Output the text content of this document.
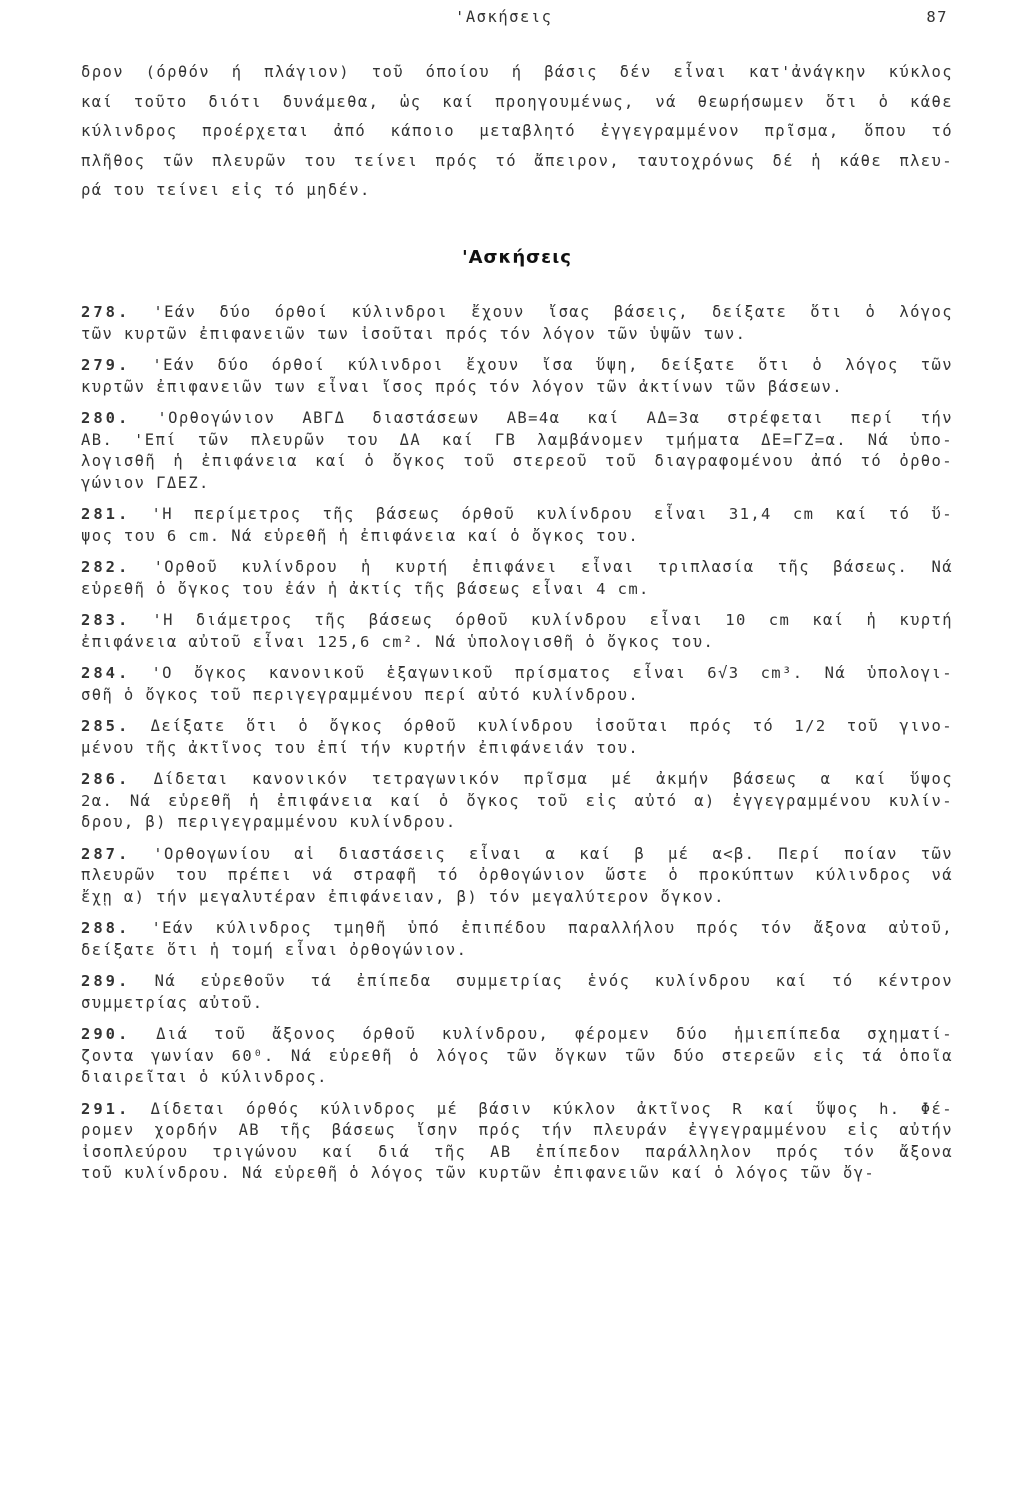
'Ασκήσεις	87
δρον (όρθόν ή πλάγιον) τοῦ όποίου ή βάσις δέν εἶναι κατ'ἀνάγκην κύκλος
καί τοῦτο διότι δυνάμεθα, ὡς καί προηγουμένως, νά θεωρήσωμεν ὅτι ὁ κάθε
κύλινδρος προέρχεται ἀπό κάποιο μεταβλητό ἐγγεγραμμένον πρῖσμα, ὅπου τό
πλῆθος τῶν πλευρῶν του τείνει πρός τό ἄπειρον, ταυτοχρόνως δέ ἡ κάθε πλευ-
ρά του τείνει εἰς τό μηδέν.
'Ασκήσεις
278. 'Εάν δύο όρθοί κύλινδροι ἔχουν ἴσας βάσεις, δείξατε ὅτι ὁ λόγος
τῶν κυρτῶν ἐπιφανειῶν των ἰσοῦται πρός τόν λόγον τῶν ὑψῶν των.
279. 'Εάν δύο όρθοί κύλινδροι ἔχουν ἴσα ὕψη, δείξατε ὅτι ὁ λόγος τῶν
κυρτῶν ἐπιφανειῶν των εἶναι ἴσος πρός τόν λόγον τῶν ἀκτίνων τῶν βάσεων.
280. 'Ορθογώνιον ΑΒΓΔ διαστάσεων ΑΒ=4α καί ΑΔ=3α στρέφεται περί τήν
ΑΒ. 'Επί τῶν πλευρῶν του ΔΑ καί ΓΒ λαμβάνομεν τμήματα ΔΕ=ΓΖ=α. Νά ὑπο-
λογισθῆ ἡ ἐπιφάνεια καί ὁ ὄγκος τοῦ στερεοῦ τοῦ διαγραφομένου ἀπό τό ὀρθο-
γώνιον ΓΔΕΖ.
281. 'Η περίμετρος τῆς βάσεως όρθοῦ κυλίνδρου εἶναι 31,4 cm καί τό ὕ-
ψος του 6 cm. Νά εὑρεθῆ ἡ ἐπιφάνεια καί ὁ ὄγκος του.
282. 'Ορθοῦ κυλίνδρου ἡ κυρτή ἐπιφάνει εἶναι τριπλασία τῆς βάσεως. Νά
εὑρεθῆ ὁ ὄγκος του ἐάν ἡ ἀκτίς τῆς βάσεως εἶναι 4 cm.
283. 'Η διάμετρος τῆς βάσεως όρθοῦ κυλίνδρου εἶναι 10 cm καί ἡ κυρτή
ἐπιφάνεια αὐτοῦ εἶναι 125,6 cm². Νά ὑπολογισθῆ ὁ ὄγκος του.
284. 'Ο ὄγκος κανονικοῦ ἑξαγωνικοῦ πρίσματος εἶναι 6√3 cm³. Νά ὑπολογι-
σθῆ ὁ ὄγκος τοῦ περιγεγραμμένου περί αὐτό κυλίνδρου.
285. Δείξατε ὅτι ὁ ὄγκος όρθοῦ κυλίνδρου ἰσοῦται πρός τό 1/2 τοῦ γινο-
μένου τῆς ἀκτῖνος του ἐπί τήν κυρτήν ἐπιφάνειάν του.
286. Δίδεται κανονικόν τετραγωνικόν πρῖσμα μέ ἀκμήν βάσεως α καί ὕψος
2α. Νά εὑρεθῆ ἡ ἐπιφάνεια καί ὁ ὄγκος τοῦ εἰς αὐτό α) ἐγγεγραμμένου κυλίν-
δρου, β) περιγεγραμμένου κυλίνδρου.
287. 'Ορθογωνίου αἱ διαστάσεις εἶναι α καί β μέ α<β. Περί ποίαν τῶν
πλευρῶν του πρέπει νά στραφῆ τό ὀρθογώνιον ὥστε ὁ προκύπτων κύλινδρος νά
ἔχῃ α) τήν μεγαλυτέραν ἐπιφάνειαν, β) τόν μεγαλύτερον ὄγκον.
288. 'Εάν κύλινδρος τμηθῆ ὑπό ἐπιπέδου παραλλήλου πρός τόν ἄξονα αὐτοῦ,
δείξατε ὅτι ἡ τομή εἶναι ὀρθογώνιον.
289. Νά εὑρεθοῦν τά ἐπίπεδα συμμετρίας ἑνός κυλίνδρου καί τό κέντρον
συμμετρίας αὐτοῦ.
290. Διά τοῦ ἄξονος όρθοῦ κυλίνδρου, φέρομεν δύο ἡμιεπίπεδα σχηματί-
ζοντα γωνίαν 60⁰. Νά εὑρεθῆ ὁ λόγος τῶν ὄγκων τῶν δύο στερεῶν εἰς τά ὁποῖα
διαιρεῖται ὁ κύλινδρος.
291. Δίδεται όρθός κύλινδρος μέ βάσιν κύκλον ἀκτῖνος R καί ὕψος h. Φέ-
ρομεν χορδήν ΑΒ τῆς βάσεως ἴσην πρός τήν πλευράν ἐγγεγραμμένου εἰς αὐτήν
ἰσοπλεύρου τριγώνου καί διά τῆς ΑΒ ἐπίπεδον παράλληλον πρός τόν ἄξονα
τοῦ κυλίνδρου. Νά εὑρεθῆ ὁ λόγος τῶν κυρτῶν ἐπιφανειῶν καί ὁ λόγος τῶν ὄγ-
